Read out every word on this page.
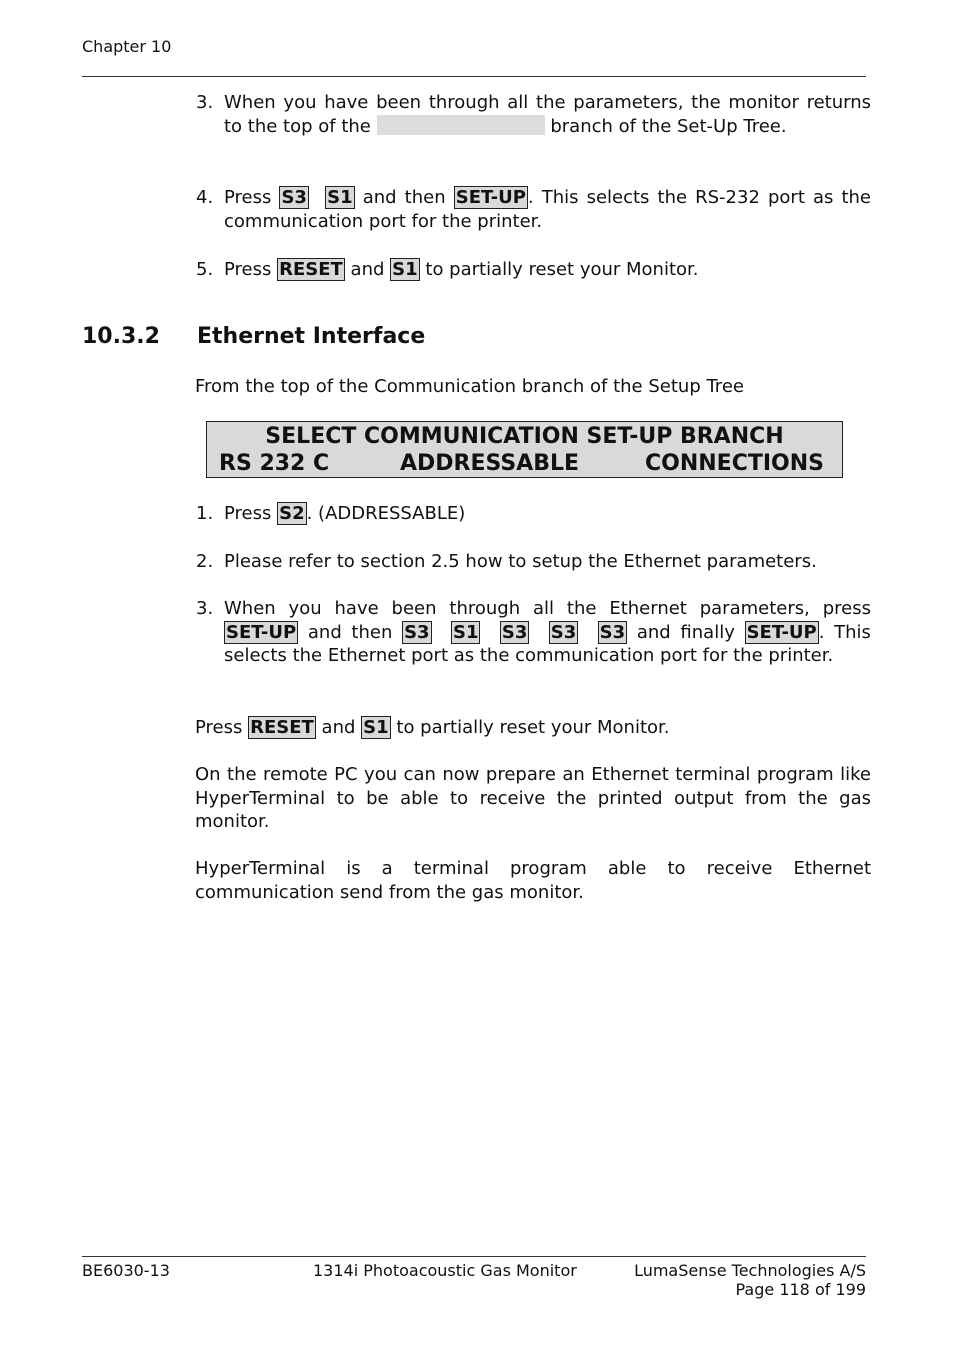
Chapter 10
3. When you have been through all the parameters, the monitor returns to the top of the	branch of the Set-Up Tree.
4. Press S3 S1 and then SET-UP . This selects the RS-232 port as the communication port for the printer.
5. Press RESET and S1 to partially reset your Monitor.
10.3.2 Ethernet Interface
From the top of the Communication branch of the Setup Tree
SELECT COMMUNICATION SET-UP BRANCH
RS 232 C	ADDRESSABLE	CONNECTIONS
1. Press S2 . (ADDRESSABLE)
2. Please refer to section 2.5 how to setup the Ethernet parameters.
3. When you have been through all the Ethernet parameters, press SET-UP and then S3 S1 S3 S3 S3 and finally SET-UP . This selects the Ethernet port as the communication port for the printer.
Press RESET and S1 to partially reset your Monitor.
On the remote PC you can now prepare an Ethernet terminal program like HyperTerminal to be able to receive the printed output from the gas monitor.
HyperTerminal is a terminal program able to receive Ethernet communication send from the gas monitor.
BE6030-13	1314i Photoacoustic Gas Monitor	LumaSense Technologies A/S
Page 118 of 199
